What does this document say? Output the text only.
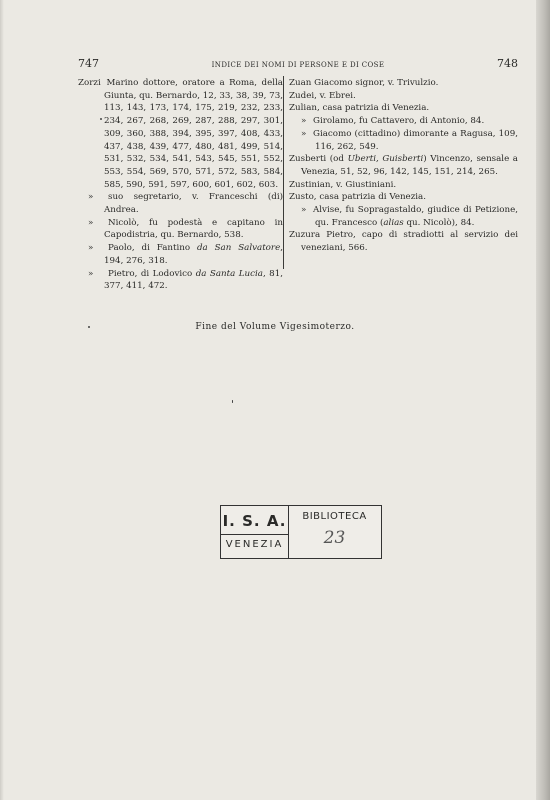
747	INDICE DEI NOMI DI PERSONE E DI COSE	748
Zorzi Marino dottore, oratore a Roma, della Giunta, qu. Bernardo, 12, 33, 38, 39, 73, 113, 143, 173, 174, 175, 219, 232, 233, 234, 267, 268, 269, 287, 288, 297, 301, 309, 360, 388, 394, 395, 397, 408, 433, 437, 438, 439, 477, 480, 481, 499, 514, 531, 532, 534, 541, 543, 545, 551, 552, 553, 554, 569, 570, 571, 572, 583, 584, 585, 590, 591, 597, 600, 601, 602, 603.
» suo segretario, v. Franceschi (di) Andrea.
» Nicolò, fu podestà e capitano in Capodistria, qu. Bernardo, 538.
» Paolo, di Fantino da San Salvatore, 194, 276, 318.
» Pietro, di Lodovico da Santa Lucia, 81, 377, 411, 472.
Zuan Giacomo signor, v. Trivulzio.
Zudei, v. Ebrei.
Zulian, casa patrizia di Venezia.
» Girolamo, fu Cattavero, di Antonio, 84.
» Giacomo (cittadino) dimorante a Ragusa, 109, 116, 262, 549.
Zusberti (od Uberti, Guisberti) Vincenzo, sensale a Venezia, 51, 52, 96, 142, 145, 151, 214, 265.
Zustinian, v. Giustiniani.
Zusto, casa patrizia di Venezia.
» Alvise, fu Sopragastaldo, giudice di Petizione, qu. Francesco (alias qu. Nicolò), 84.
Zuzura Pietro, capo di stradiotti al servizio dei veneziani, 566.
Fine del Volume Vigesimoterzo.
I. S. A.
VENEZIA
BIBLIOTECA
23
